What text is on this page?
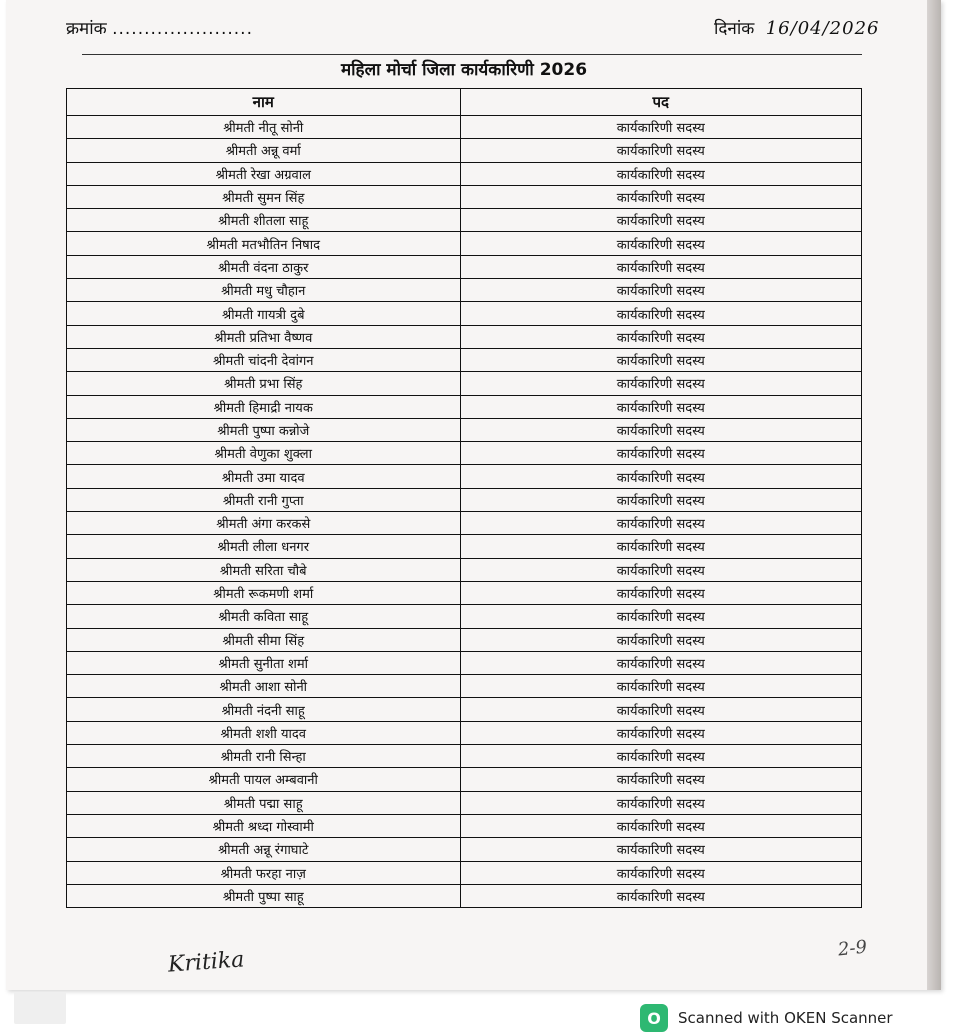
क्रमांक ......................	दिनांक 16/04/2026
महिला मोर्चा जिला कार्यकारिणी 2026
नाम	पद
श्रीमती नीतू सोनी	कार्यकारिणी सदस्य
श्रीमती अन्नू वर्मा	कार्यकारिणी सदस्य
श्रीमती रेखा अग्रवाल	कार्यकारिणी सदस्य
श्रीमती सुमन सिंह	कार्यकारिणी सदस्य
श्रीमती शीतला साहू	कार्यकारिणी सदस्य
श्रीमती मतभौतिन निषाद	कार्यकारिणी सदस्य
श्रीमती वंदना ठाकुर	कार्यकारिणी सदस्य
श्रीमती मधु चौहान	कार्यकारिणी सदस्य
श्रीमती गायत्री दुबे	कार्यकारिणी सदस्य
श्रीमती प्रतिभा वैष्णव	कार्यकारिणी सदस्य
श्रीमती चांदनी देवांगन	कार्यकारिणी सदस्य
श्रीमती प्रभा सिंह	कार्यकारिणी सदस्य
श्रीमती हिमाद्री नायक	कार्यकारिणी सदस्य
श्रीमती पुष्पा कन्नोजे	कार्यकारिणी सदस्य
श्रीमती वेणुका शुक्ला	कार्यकारिणी सदस्य
श्रीमती उमा यादव	कार्यकारिणी सदस्य
श्रीमती रानी गुप्ता	कार्यकारिणी सदस्य
श्रीमती अंगा करकसे	कार्यकारिणी सदस्य
श्रीमती लीला धनगर	कार्यकारिणी सदस्य
श्रीमती सरिता चौबे	कार्यकारिणी सदस्य
श्रीमती रूकमणी शर्मा	कार्यकारिणी सदस्य
श्रीमती कविता साहू	कार्यकारिणी सदस्य
श्रीमती सीमा सिंह	कार्यकारिणी सदस्य
श्रीमती सुनीता शर्मा	कार्यकारिणी सदस्य
श्रीमती आशा सोनी	कार्यकारिणी सदस्य
श्रीमती नंदनी साहू	कार्यकारिणी सदस्य
श्रीमती शशी यादव	कार्यकारिणी सदस्य
श्रीमती रानी सिन्हा	कार्यकारिणी सदस्य
श्रीमती पायल अम्बवानी	कार्यकारिणी सदस्य
श्रीमती पद्मा साहू	कार्यकारिणी सदस्य
श्रीमती श्रध्दा गोस्वामी	कार्यकारिणी सदस्य
श्रीमती अन्नू रंगाघाटे	कार्यकारिणी सदस्य
श्रीमती फरहा नाज़	कार्यकारिणी सदस्य
श्रीमती पुष्पा साहू	कार्यकारिणी सदस्य
Kritika	2-9
O	Scanned with OKEN Scanner
